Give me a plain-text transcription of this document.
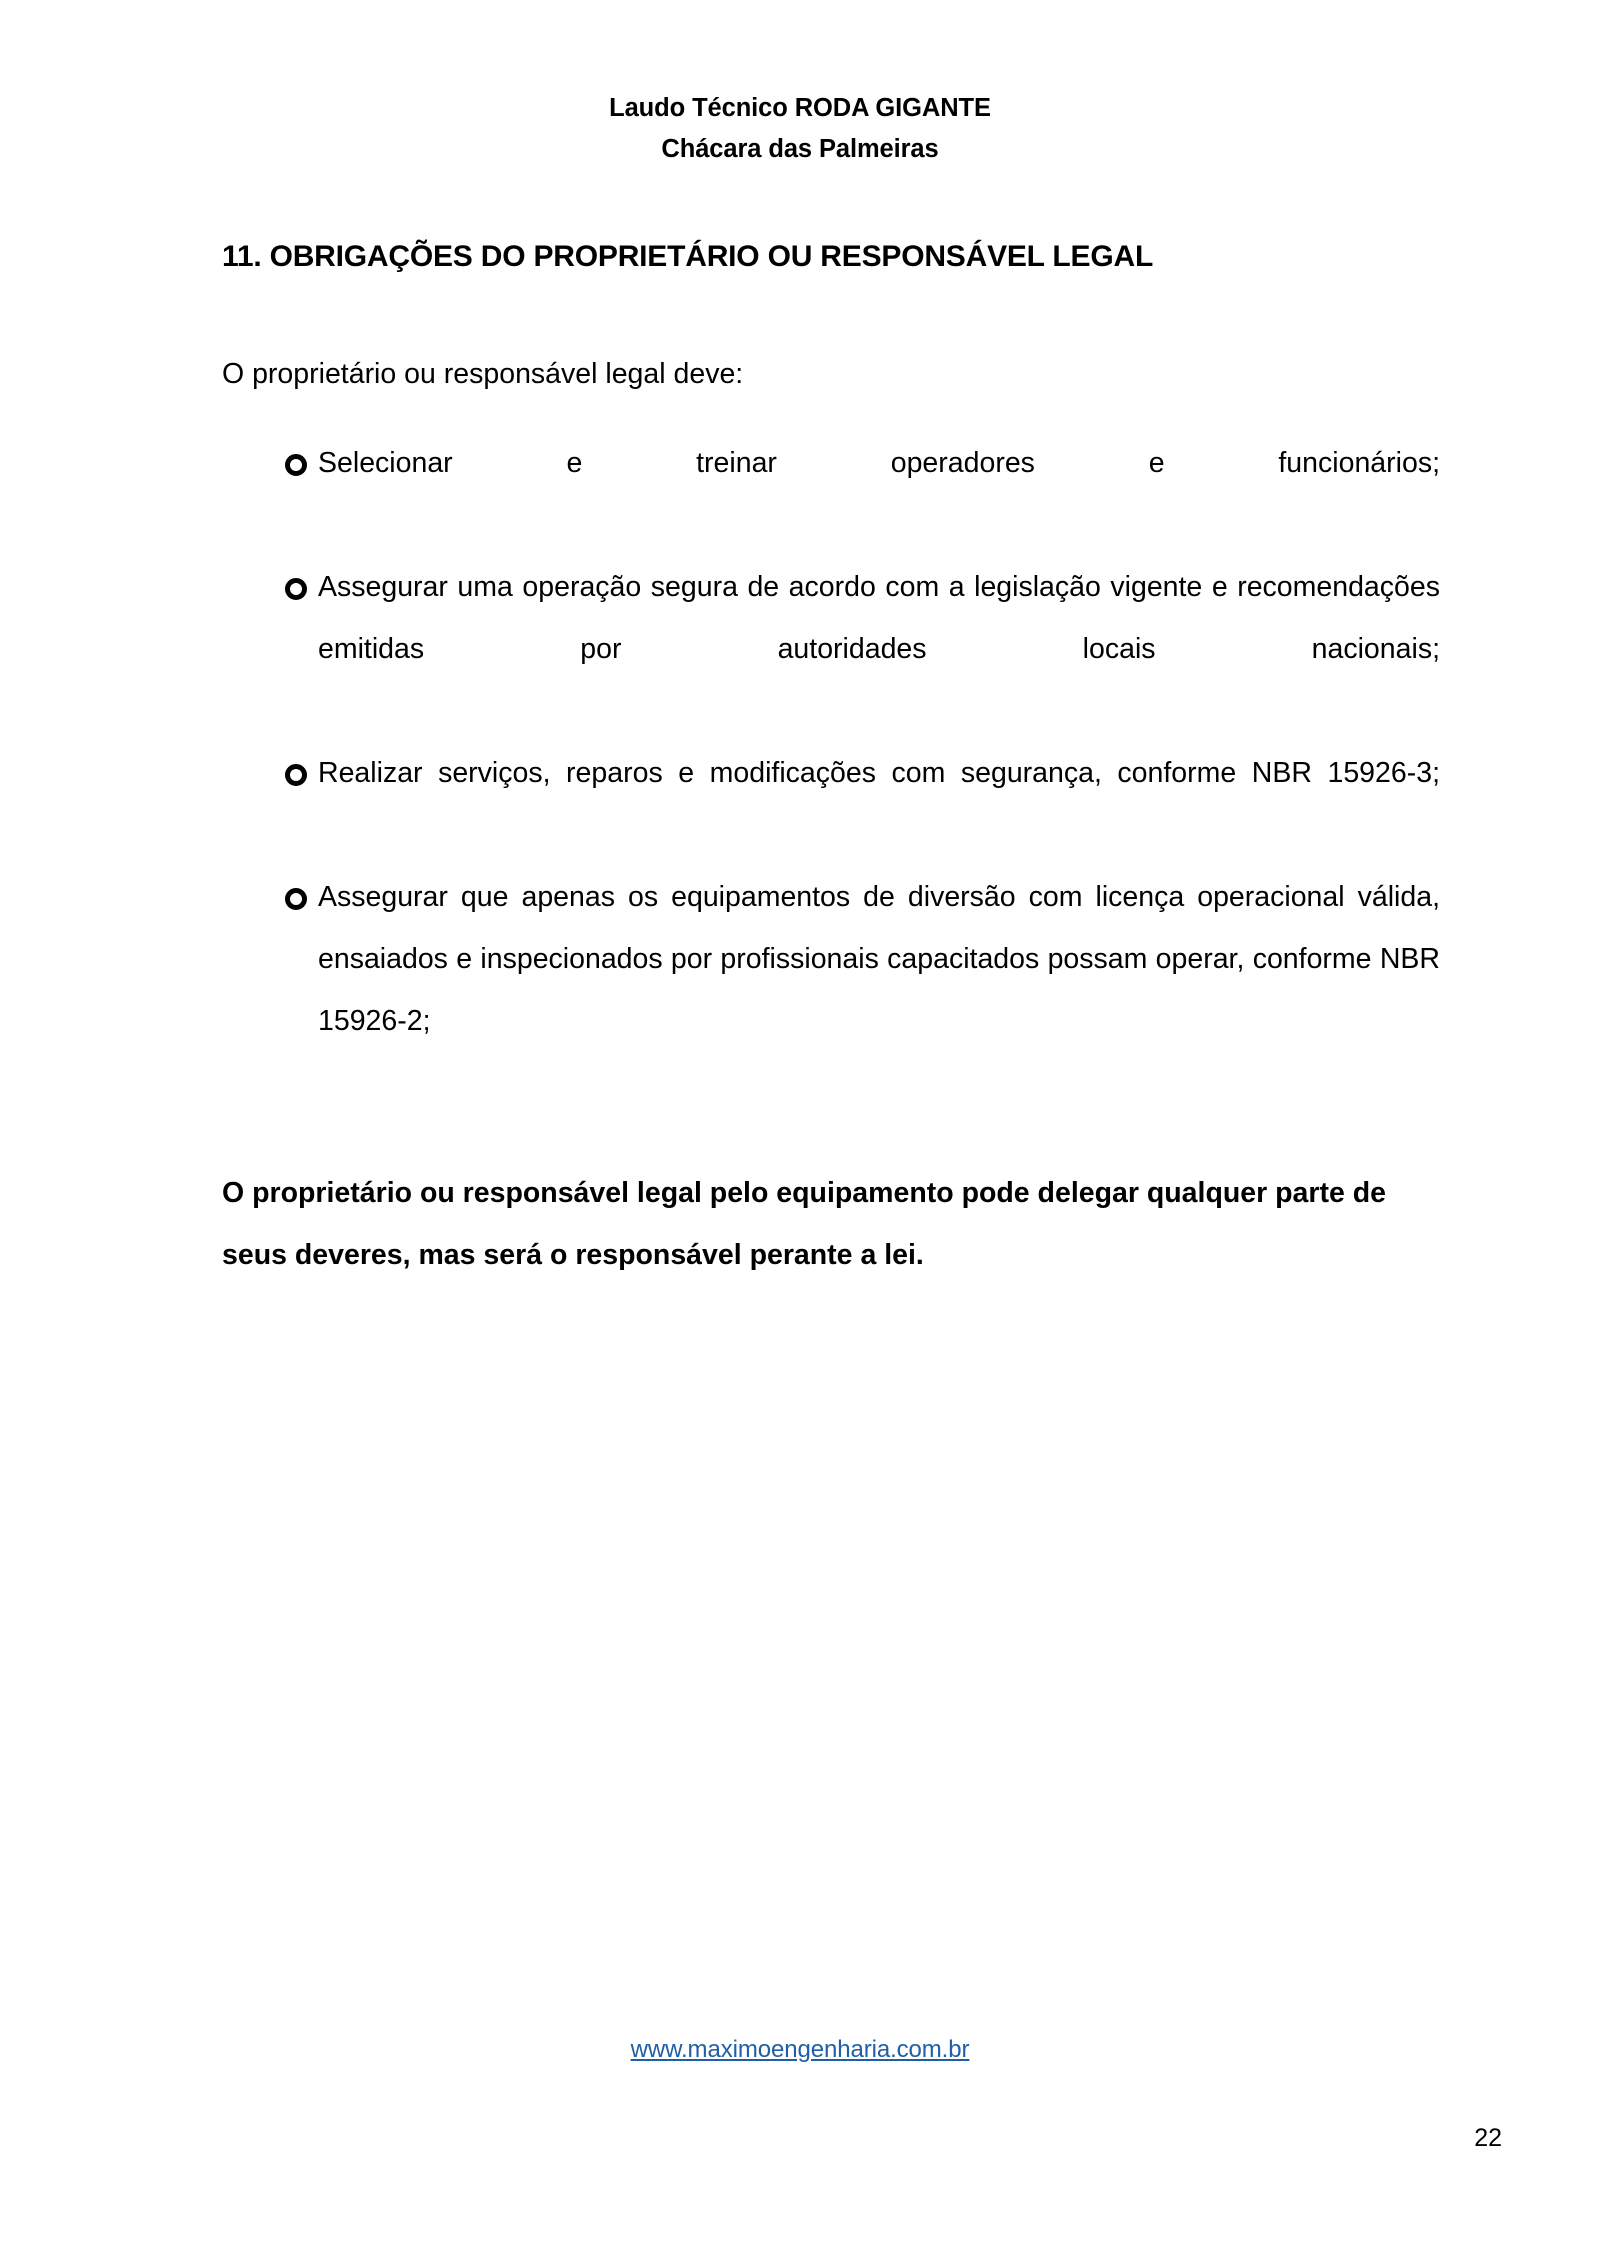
Laudo Técnico RODA GIGANTE
Chácara das Palmeiras
11. OBRIGAÇÕES DO PROPRIETÁRIO OU RESPONSÁVEL LEGAL

O proprietário ou responsável legal deve:

Selecionar e treinar operadores e funcionários;
Assegurar uma operação segura de acordo com a legislação vigente e recomendações emitidas por autoridades locais nacionais;
Realizar serviços, reparos e modificações com segurança, conforme NBR 15926-3;
Assegurar que apenas os equipamentos de diversão com licença operacional válida, ensaiados e inspecionados por profissionais capacitados possam operar, conforme NBR 15926-2;

O proprietário ou responsável legal pelo equipamento pode delegar qualquer parte de seus deveres, mas será o responsável perante a lei.

www.maximoengenharia.com.br
22
